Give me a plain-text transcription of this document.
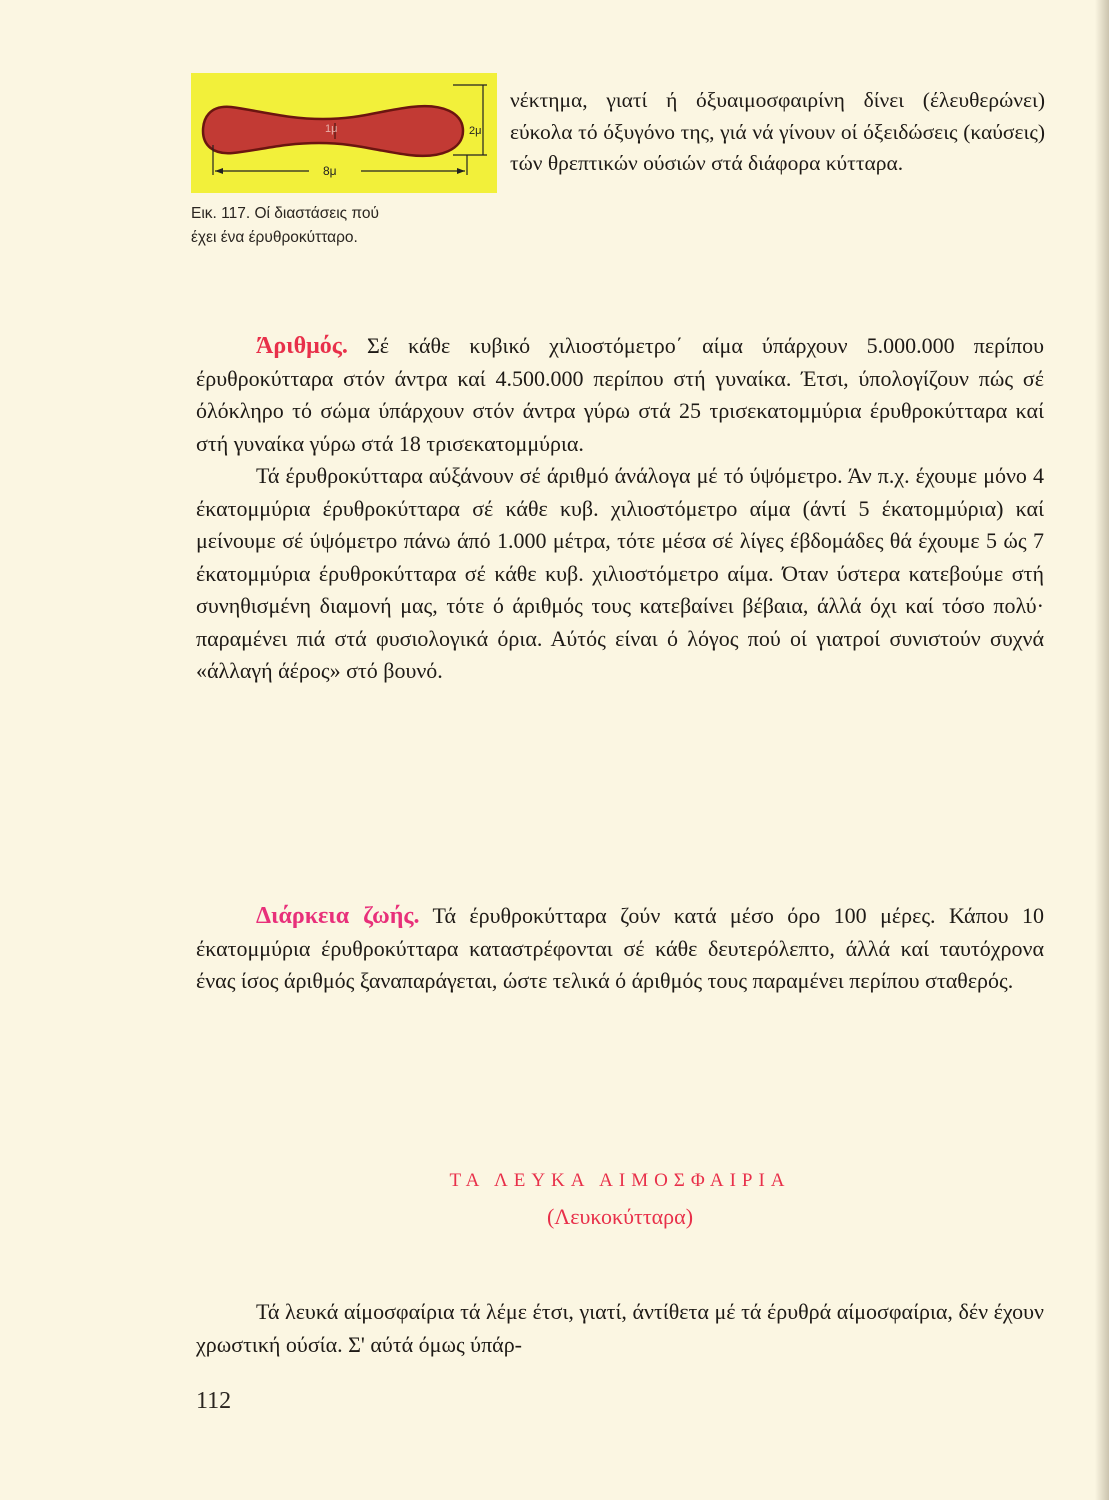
1μ	2μ
8μ
Εικ. 117. Οί διαστάσεις πού
έχει ένα έρυθροκύτταρο.
νέκτημα, γιατί ή όξυαιμοσφαιρίνη δίνει (έλευθερώνει) εύκολα τό όξυγόνο της, γιά νά γίνουν οί όξειδώσεις (καύσεις) τών θρεπτικών ούσιών στά διάφορα κύτταρα.
Άριθμός. Σέ κάθε κυβικό χιλιοστόμετρο΄ αίμα ύπάρχουν 5.000.000 περίπου έρυθροκύτταρα στόν άντρα καί 4.500.000 περίπου στή γυναίκα. Έτσι, ύπολογίζουν πώς σέ όλόκληρο τό σώμα ύπάρχουν στόν άντρα γύρω στά 25 τρισεκατομμύρια έρυθροκύτταρα καί στή γυναίκα γύρω στά 18 τρισεκατομμύρια.
Τά έρυθροκύτταρα αύξάνουν σέ άριθμό άνάλογα μέ τό ύψόμετρο. Άν π.χ. έχουμε μόνο 4 έκατομμύρια έρυθροκύτταρα σέ κάθε κυβ. χιλιοστόμετρο αίμα (άντί 5 έκατομμύρια) καί μείνουμε σέ ύψόμετρο πάνω άπό 1.000 μέτρα, τότε μέσα σέ λίγες έβδομάδες θά έχουμε 5 ώς 7 έκατομμύρια έρυθροκύτταρα σέ κάθε κυβ. χιλιοστόμετρο αίμα. Όταν ύστερα κατεβούμε στή συνηθισμένη διαμονή μας, τότε ό άριθμός τους κατεβαίνει βέβαια, άλλά όχι καί τόσο πολύ· παραμένει πιά στά φυσιολογικά όρια. Αύτός είναι ό λόγος πού οί γιατροί συνιστούν συχνά «άλλαγή άέρος» στό βουνό.
Διάρκεια ζωής. Τά έρυθροκύτταρα ζούν κατά μέσο όρο 100 μέρες. Κάπου 10 έκατομμύρια έρυθροκύτταρα καταστρέφονται σέ κάθε δευτερόλεπτο, άλλά καί ταυτόχρονα ένας ίσος άριθμός ξαναπαράγεται, ώστε τελικά ό άριθμός τους παραμένει περίπου σταθερός.
ΤΑ ΛΕΥΚΑ ΑΙΜΟΣΦΑΙΡΙΑ
(Λευκοκύτταρα)
Τά λευκά αίμοσφαίρια τά λέμε έτσι, γιατί, άντίθετα μέ τά έρυθρά αίμοσφαίρια, δέν έχουν χρωστική ούσία. Σ' αύτά όμως ύπάρ-
112
